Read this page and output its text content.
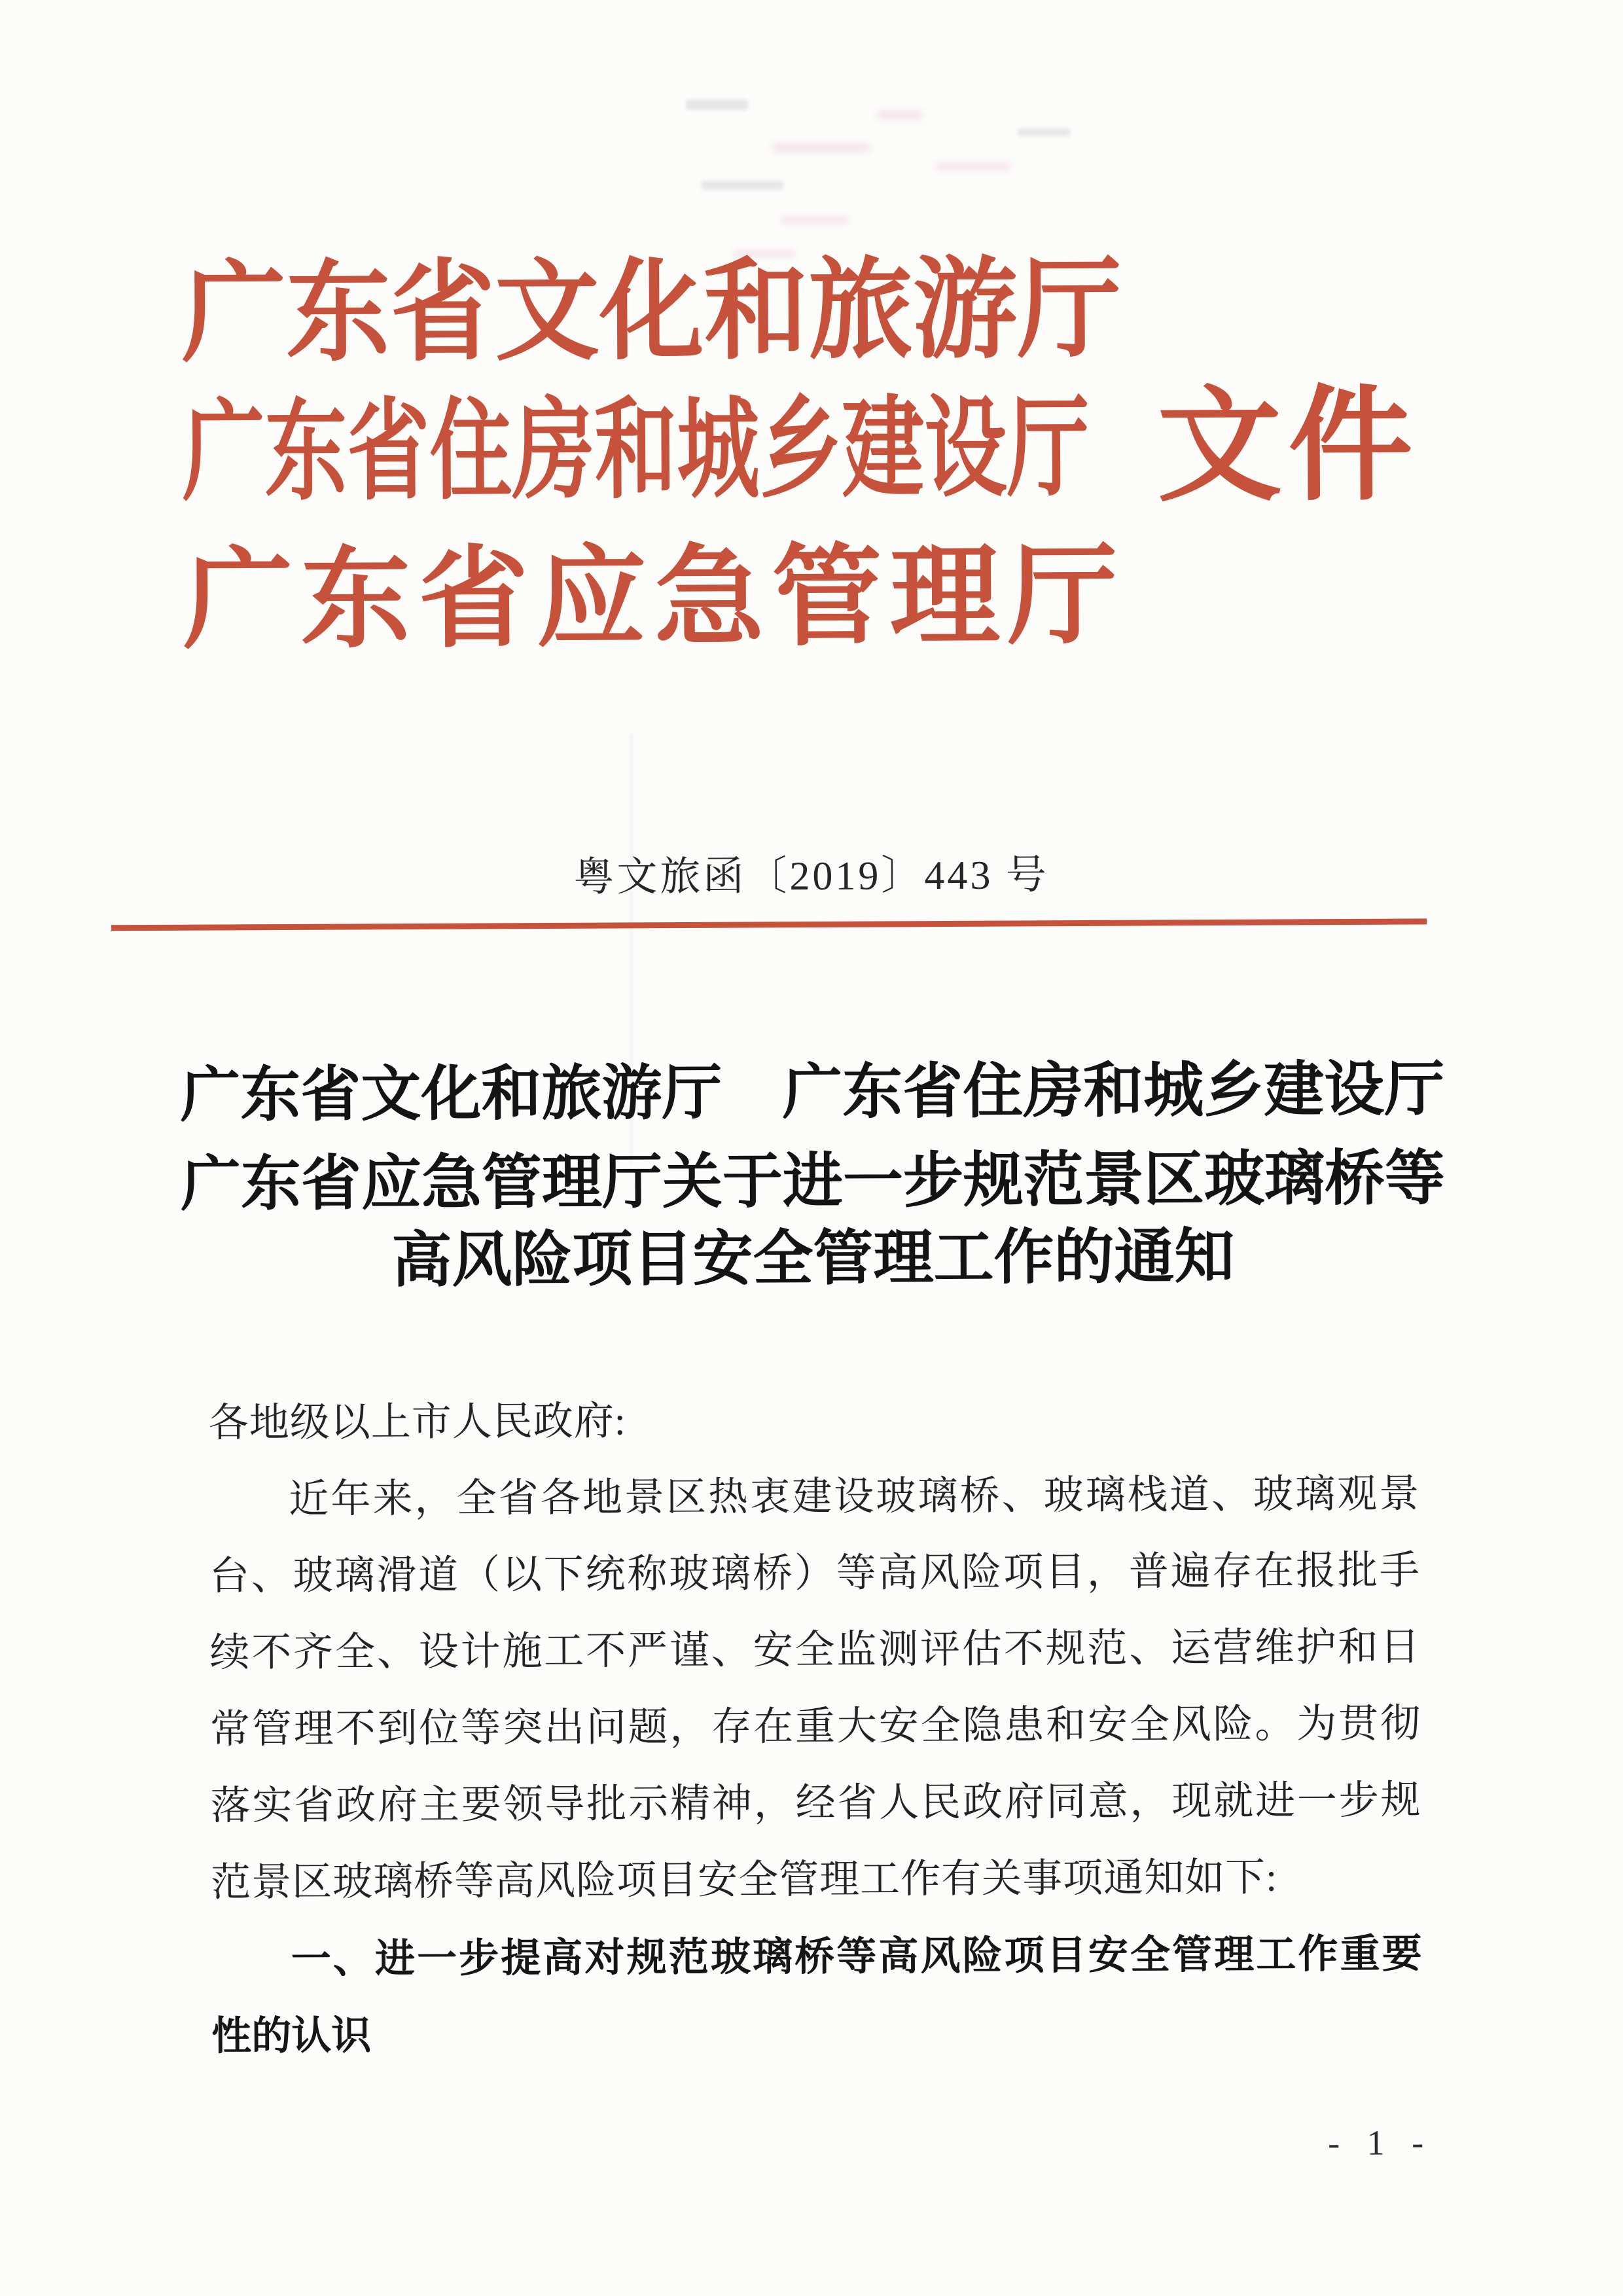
广东省文化和旅游厅
广东省住房和城乡建设厅
广东省应急管理厅
文件
粤文旅函〔2019〕443 号
广东省文化和旅游厅　广东省住房和城乡建设厅
广东省应急管理厅关于进一步规范景区玻璃桥等
高风险项目安全管理工作的通知
各地级以上市人民政府:
近年来，全省各地景区热衷建设玻璃桥、玻璃栈道、玻璃观景
台、玻璃滑道（以下统称玻璃桥）等高风险项目，普遍存在报批手
续不齐全、设计施工不严谨、安全监测评估不规范、运营维护和日
常管理不到位等突出问题，存在重大安全隐患和安全风险。为贯彻
落实省政府主要领导批示精神，经省人民政府同意，现就进一步规
范景区玻璃桥等高风险项目安全管理工作有关事项通知如下:
一、进一步提高对规范玻璃桥等高风险项目安全管理工作重要
性的认识
- 1 -
